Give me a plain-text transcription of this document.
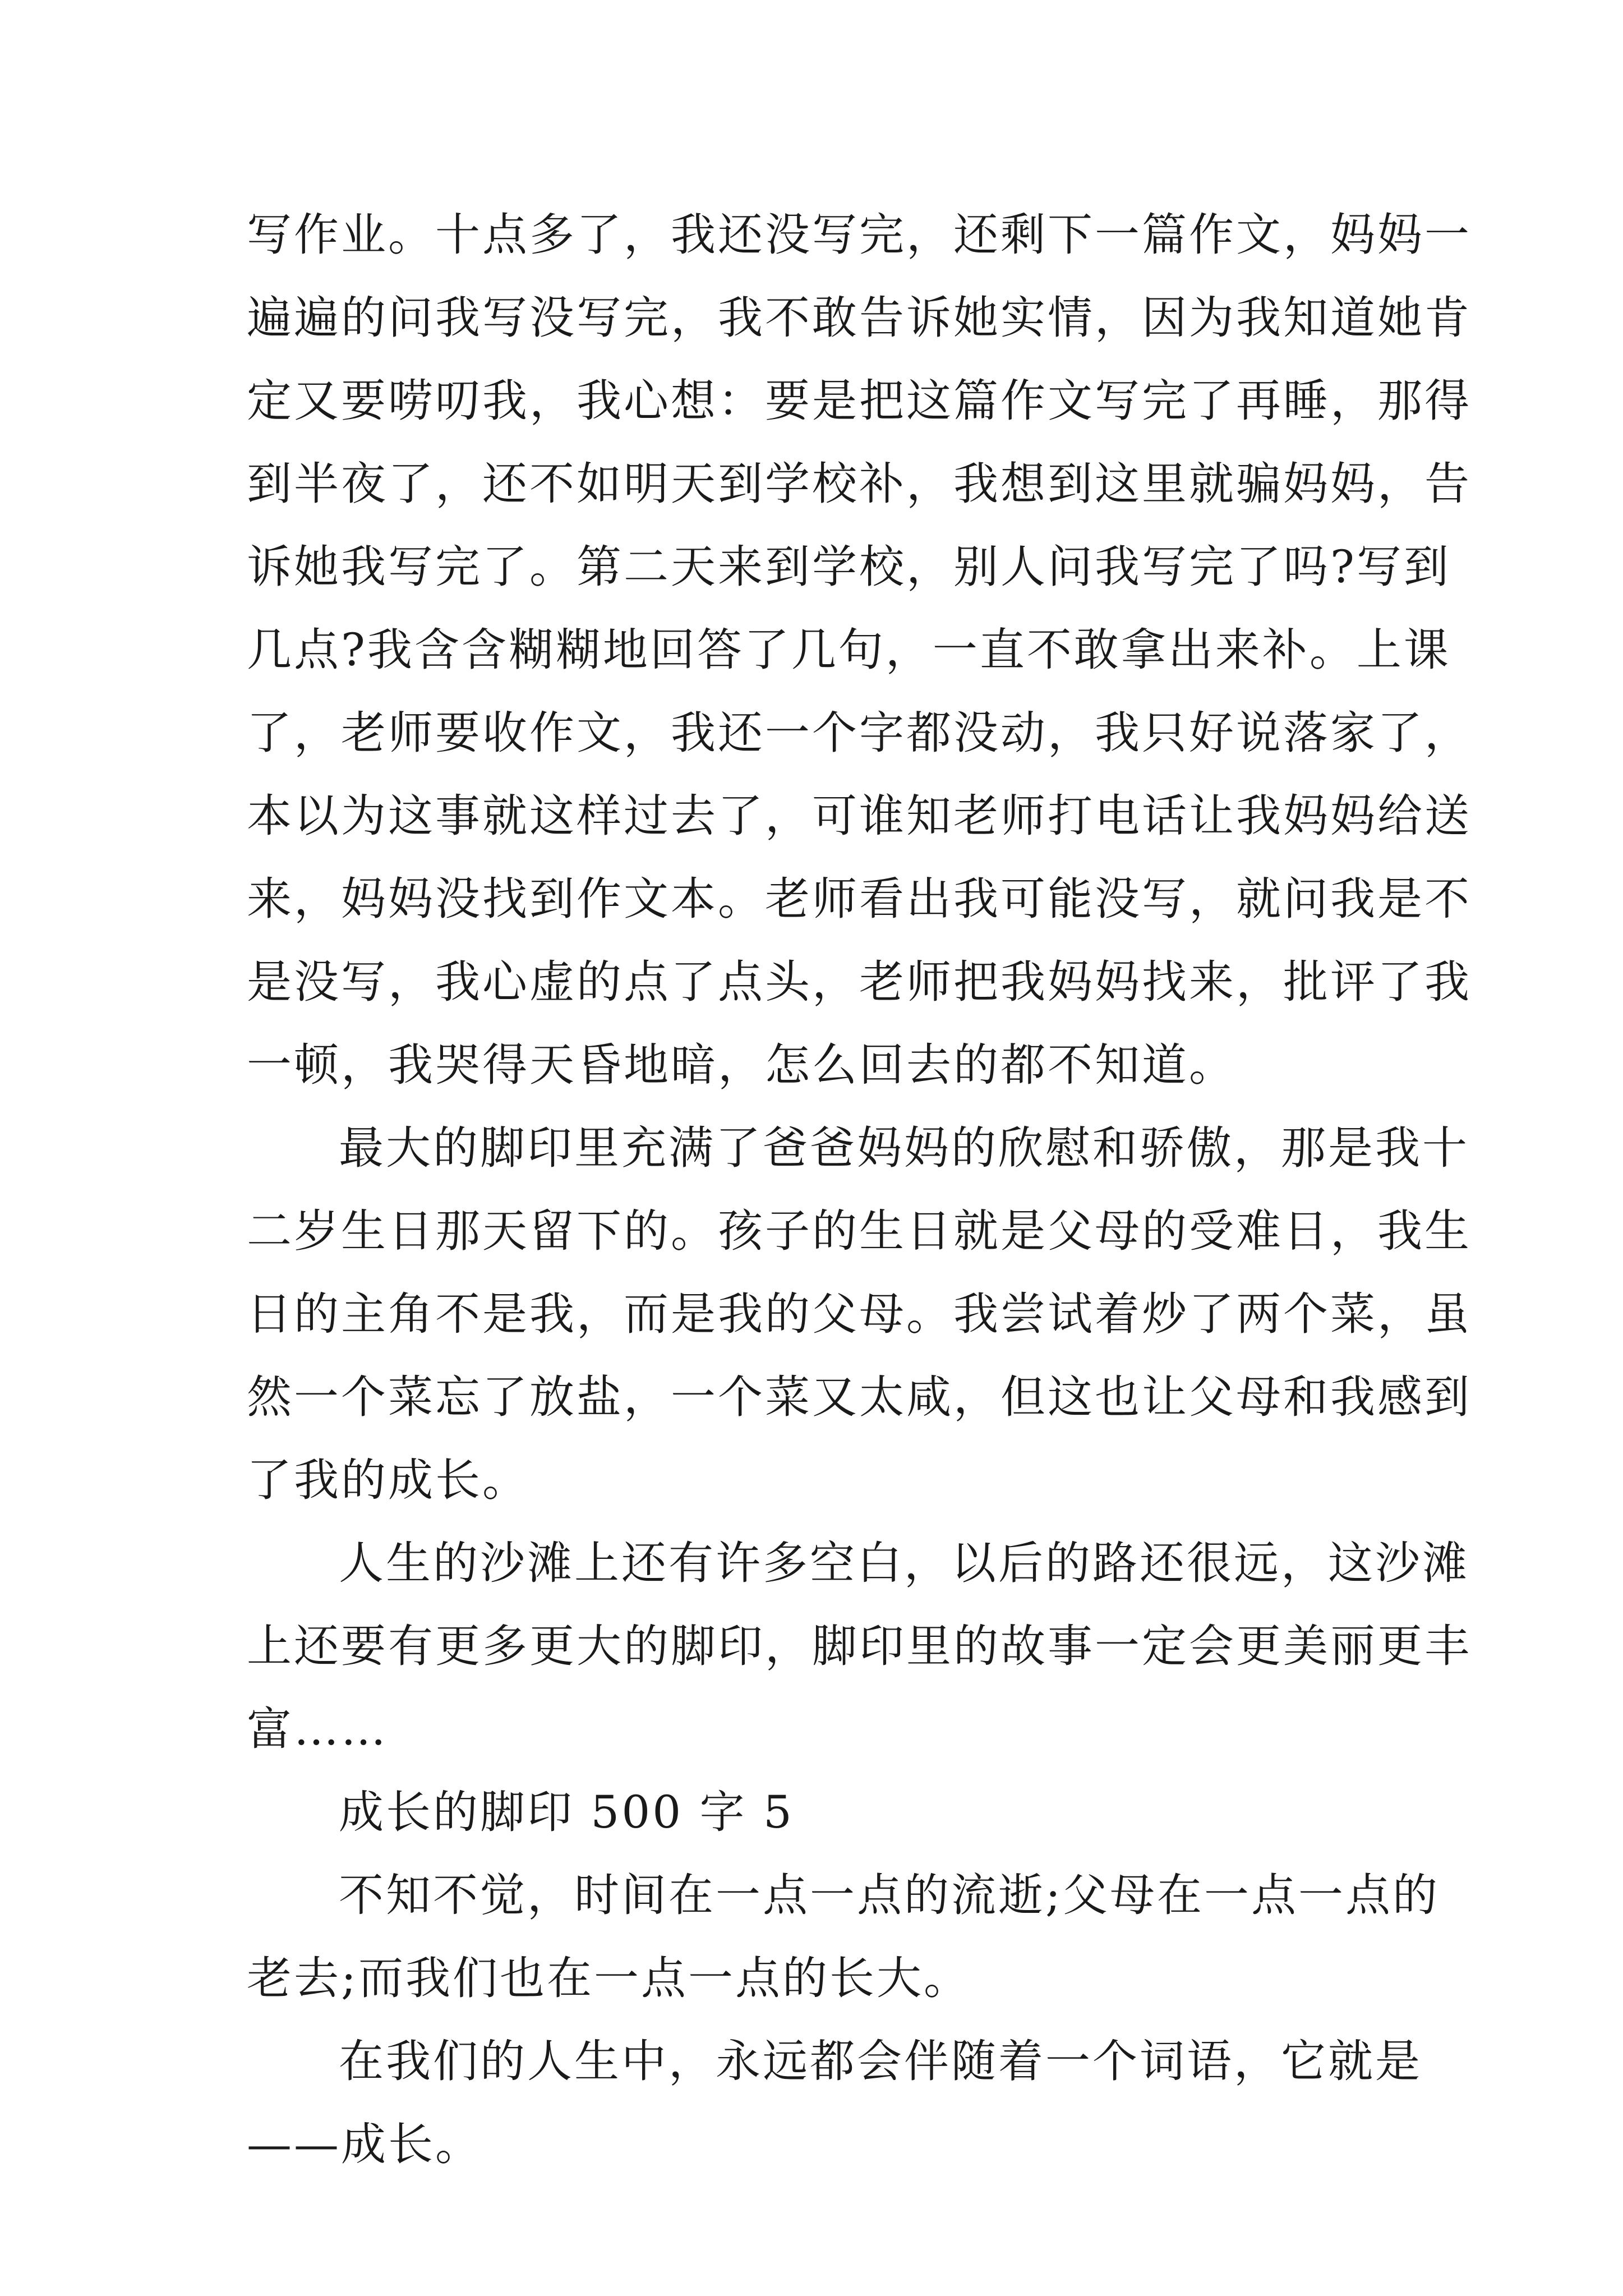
写作业。十点多了，我还没写完，还剩下一篇作文，妈妈一
遍遍的问我写没写完，我不敢告诉她实情，因为我知道她肯
定又要唠叨我，我心想：要是把这篇作文写完了再睡，那得
到半夜了，还不如明天到学校补，我想到这里就骗妈妈，告
诉她我写完了。第二天来到学校，别人问我写完了吗?写到
几点?我含含糊糊地回答了几句，一直不敢拿出来补。上课
了，老师要收作文，我还一个字都没动，我只好说落家了，
本以为这事就这样过去了，可谁知老师打电话让我妈妈给送
来，妈妈没找到作文本。老师看出我可能没写，就问我是不
是没写，我心虚的点了点头，老师把我妈妈找来，批评了我
一顿，我哭得天昏地暗，怎么回去的都不知道。

最大的脚印里充满了爸爸妈妈的欣慰和骄傲，那是我十
二岁生日那天留下的。孩子的生日就是父母的受难日，我生
日的主角不是我，而是我的父母。我尝试着炒了两个菜，虽
然一个菜忘了放盐，一个菜又太咸，但这也让父母和我感到
了我的成长。

人生的沙滩上还有许多空白，以后的路还很远，这沙滩
上还要有更多更大的脚印，脚印里的故事一定会更美丽更丰
富……

成长的脚印 500 字 5

不知不觉，时间在一点一点的流逝;父母在一点一点的
老去;而我们也在一点一点的长大。

在我们的人生中，永远都会伴随着一个词语，它就是
——成长。
